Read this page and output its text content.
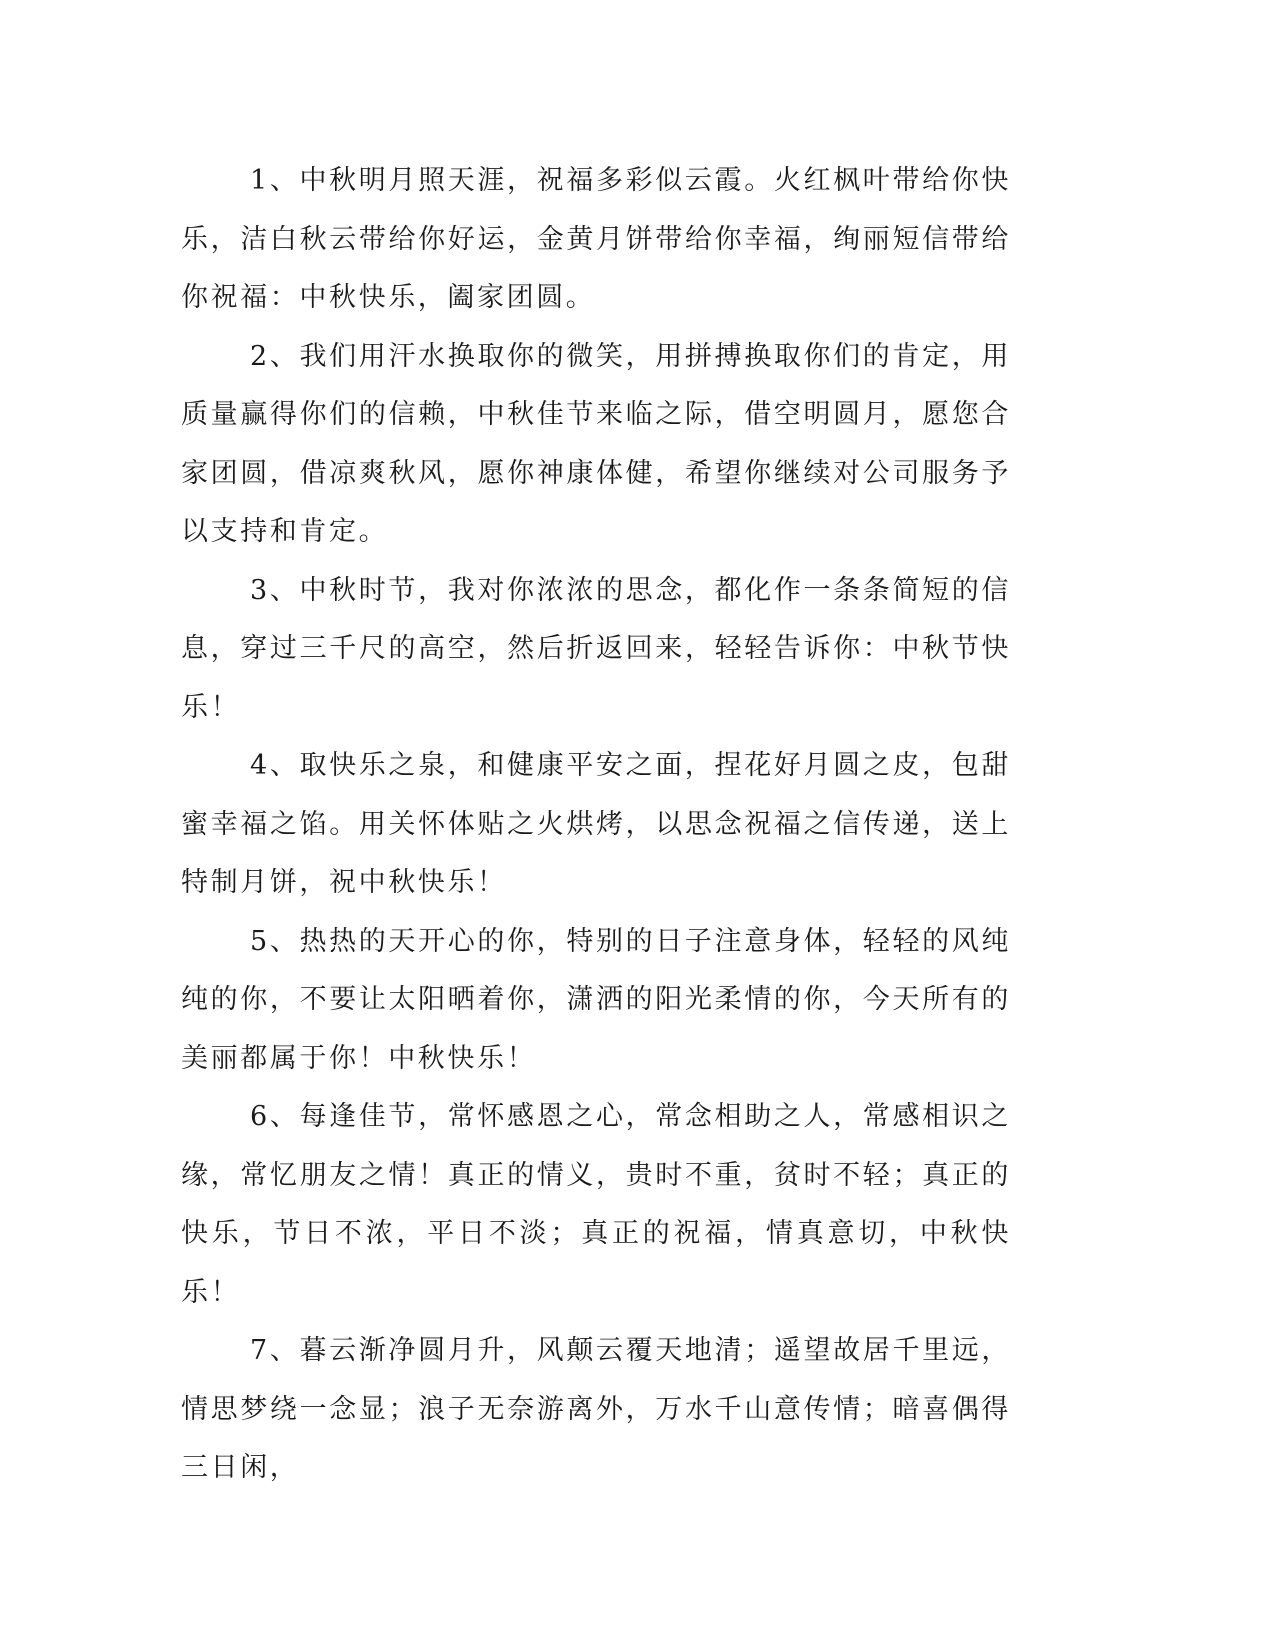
1、中秋明月照天涯，祝福多彩似云霞。火红枫叶带给你快乐，洁白秋云带给你好运，金黄月饼带给你幸福，绚丽短信带给你祝福：中秋快乐，阖家团圆。

2、我们用汗水换取你的微笑，用拼搏换取你们的肯定，用质量赢得你们的信赖，中秋佳节来临之际，借空明圆月，愿您合家团圆，借凉爽秋风，愿你神康体健，希望你继续对公司服务予以支持和肯定。

3、中秋时节，我对你浓浓的思念，都化作一条条简短的信息，穿过三千尺的高空，然后折返回来，轻轻告诉你：中秋节快乐！

4、取快乐之泉，和健康平安之面，捏花好月圆之皮，包甜蜜幸福之馅。用关怀体贴之火烘烤，以思念祝福之信传递，送上特制月饼，祝中秋快乐！

5、热热的天开心的你，特别的日子注意身体，轻轻的风纯纯的你，不要让太阳晒着你，潇洒的阳光柔情的你，今天所有的美丽都属于你！中秋快乐！

6、每逢佳节，常怀感恩之心，常念相助之人，常感相识之缘，常忆朋友之情！真正的情义，贵时不重，贫时不轻；真正的快乐，节日不浓，平日不淡；真正的祝福，情真意切，中秋快乐！

7、暮云渐净圆月升，风颠云覆天地清；遥望故居千里远，情思梦绕一念显；浪子无奈游离外，万水千山意传情；暗喜偶得三日闲，
